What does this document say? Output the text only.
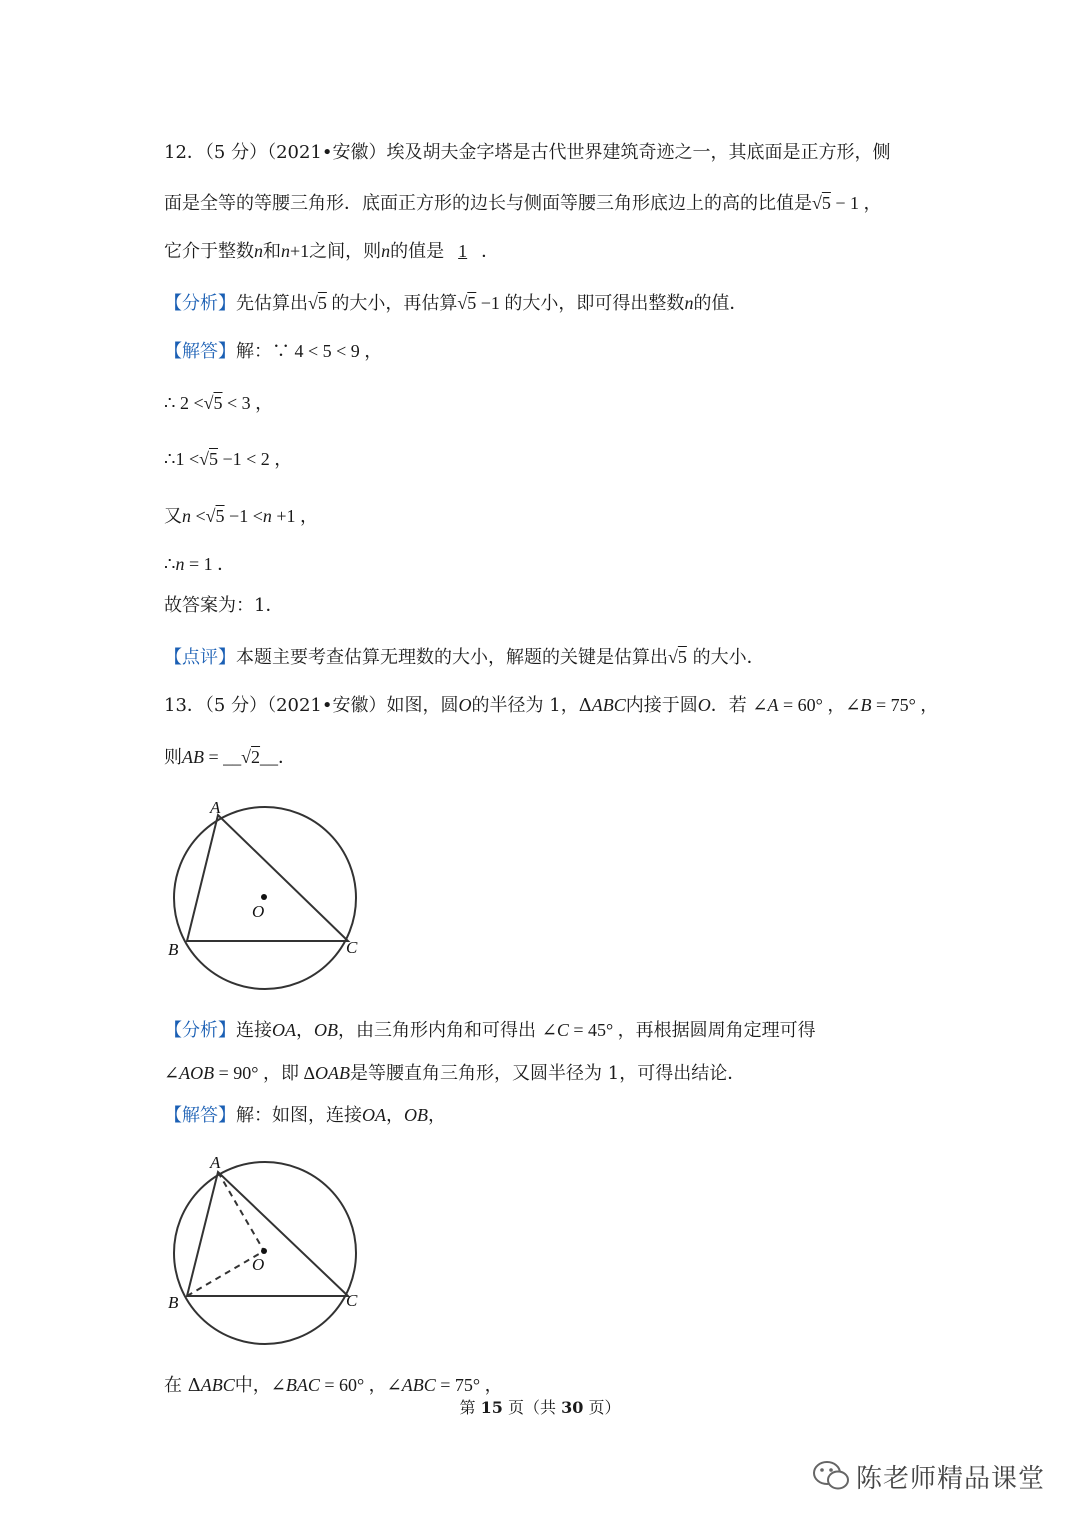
12．（5 分）（2021•安徽）埃及胡夫金字塔是古代世界建筑奇迹之一，其底面是正方形，侧
面是全等的等腰三角形．底面正方形的边长与侧面等腰三角形底边上的高的比值是√5 − 1 ，
它介于整数n和n+1之间，则n的值是 1 ．
【分析】先估算出√5 的大小，再估算√5 −1 的大小，即可得出整数n的值．
【解答】解：∵ 4 < 5 < 9 ，
∴ 2 <√5 < 3 ，
∴1 <√5 −1 < 2 ，
又n <√5 −1 <n +1 ，
∴n = 1 ．
故答案为：1．
【点评】本题主要考查估算无理数的大小，解题的关键是估算出√5 的大小．
13．（5 分）（2021•安徽）如图，圆O的半径为 1，ΔABC内接于圆O．若 ∠A = 60° ，∠B = 75° ，
则AB = __√2__．
A
B	C
O
【分析】连接OA，OB，由三角形内角和可得出 ∠C = 45° ，再根据圆周角定理可得
∠AOB = 90° ，即 ΔOAB是等腰直角三角形，又圆半径为 1，可得出结论．
【解答】解：如图，连接OA，OB，
A
B	C
O
在 ΔABC中，∠BAC = 60° ，∠ABC = 75° ，
第 15 页（共 30 页）
陈老师精品课堂
